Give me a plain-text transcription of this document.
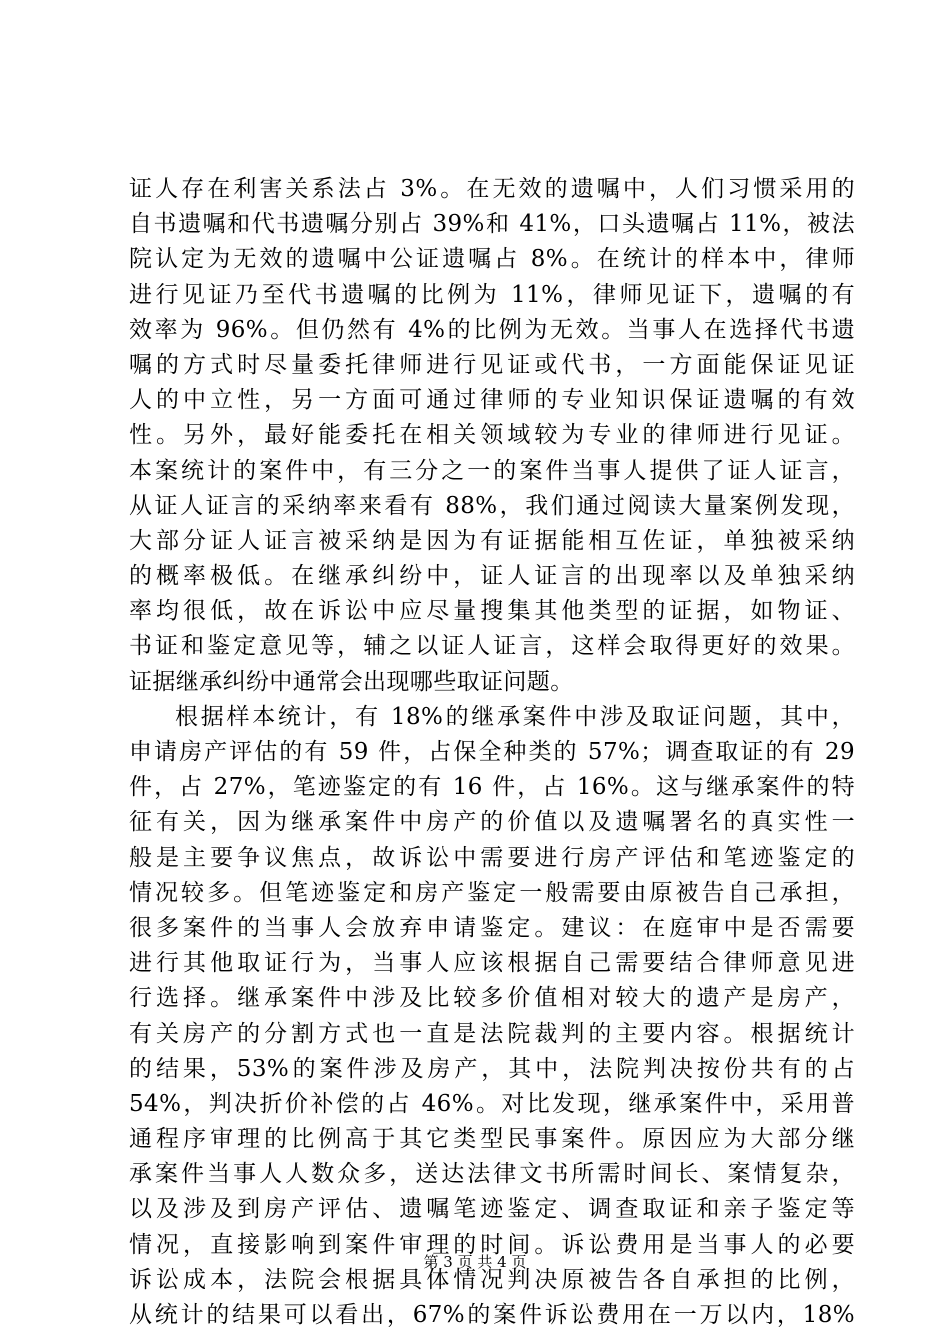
证人存在利害关系法占 3%。在无效的遗嘱中，人们习惯采用的
自书遗嘱和代书遗嘱分别占 39%和 41%，口头遗嘱占 11%，被法
院认定为无效的遗嘱中公证遗嘱占 8%。在统计的样本中，律师
进行见证乃至代书遗嘱的比例为 11%，律师见证下，遗嘱的有
效率为 96%。但仍然有 4%的比例为无效。当事人在选择代书遗
嘱的方式时尽量委托律师进行见证或代书，一方面能保证见证
人的中立性，另一方面可通过律师的专业知识保证遗嘱的有效
性。另外，最好能委托在相关领域较为专业的律师进行见证。
本案统计的案件中，有三分之一的案件当事人提供了证人证言，
从证人证言的采纳率来看有 88%，我们通过阅读大量案例发现，
大部分证人证言被采纳是因为有证据能相互佐证，单独被采纳
的概率极低。在继承纠纷中，证人证言的出现率以及单独采纳
率均很低，故在诉讼中应尽量搜集其他类型的证据，如物证、
书证和鉴定意见等，辅之以证人证言，这样会取得更好的效果。
证据继承纠纷中通常会出现哪些取证问题。
根据样本统计，有 18%的继承案件中涉及取证问题，其中，
申请房产评估的有 59 件，占保全种类的 57%；调查取证的有 29
件，占 27%，笔迹鉴定的有 16 件，占 16%。这与继承案件的特
征有关，因为继承案件中房产的价值以及遗嘱署名的真实性一
般是主要争议焦点，故诉讼中需要进行房产评估和笔迹鉴定的
情况较多。但笔迹鉴定和房产鉴定一般需要由原被告自己承担，
很多案件的当事人会放弃申请鉴定。建议：在庭审中是否需要
进行其他取证行为，当事人应该根据自己需要结合律师意见进
行选择。继承案件中涉及比较多价值相对较大的遗产是房产，
有关房产的分割方式也一直是法院裁判的主要内容。根据统计
的结果，53%的案件涉及房产，其中，法院判决按份共有的占
54%，判决折价补偿的占 46%。对比发现，继承案件中，采用普
通程序审理的比例高于其它类型民事案件。原因应为大部分继
承案件当事人人数众多，送达法律文书所需时间长、案情复杂，
以及涉及到房产评估、遗嘱笔迹鉴定、调查取证和亲子鉴定等
情况，直接影响到案件审理的时间。诉讼费用是当事人的必要
诉讼成本，法院会根据具体情况判决原被告各自承担的比例，
从统计的结果可以看出，67%的案件诉讼费用在一万以内，18%
第 3 页 共 4 页
